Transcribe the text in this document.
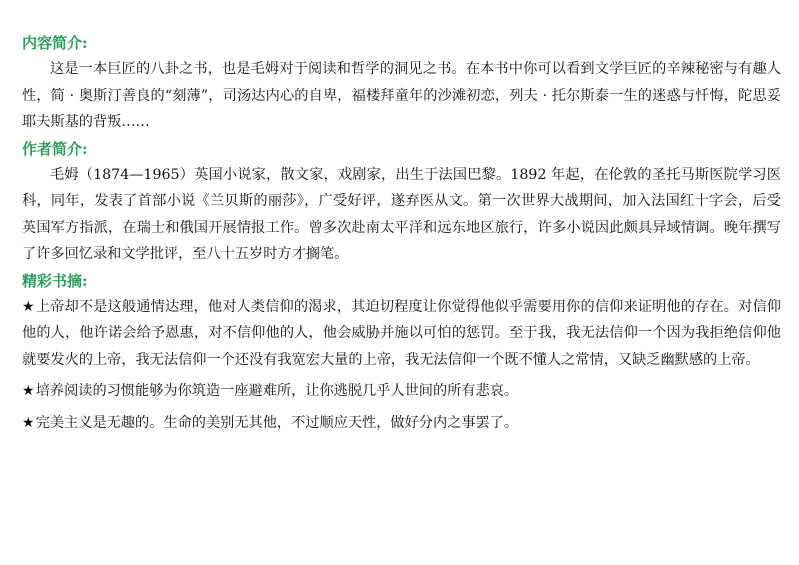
内容简介:

这是一本巨匠的八卦之书，也是毛姆对于阅读和哲学的洞见之书。在本书中你可以看到文学巨匠的辛辣秘密与有趣人性，简 · 奥斯汀善良的“刻薄”，司汤达内心的自卑，福楼拜童年的沙滩初恋，列夫 · 托尔斯泰一生的迷惑与忏悔，陀思妥耶夫斯基的背叛……

作者简介:

毛姆（1874—1965）英国小说家，散文家，戏剧家，出生于法国巴黎。1892 年起，在伦敦的圣托马斯医院学习医科，同年，发表了首部小说《兰贝斯的丽莎》，广受好评，遂弃医从文。第一次世界大战期间，加入法国红十字会，后受英国军方指派，在瑞士和俄国开展情报工作。曾多次赴南太平洋和远东地区旅行，许多小说因此颇具异域情调。晚年撰写了许多回忆录和文学批评，至八十五岁时方才搁笔。

精彩书摘:

★上帝却不是这般通情达理，他对人类信仰的渴求，其迫切程度让你觉得他似乎需要用你的信仰来证明他的存在。对信仰他的人，他许诺会给予恩惠，对不信仰他的人，他会威胁并施以可怕的惩罚。至于我，我无法信仰一个因为我拒绝信仰他就要发火的上帝，我无法信仰一个还没有我宽宏大量的上帝，我无法信仰一个既不懂人之常情，又缺乏幽默感的上帝。

★培养阅读的习惯能够为你筑造一座避难所，让你逃脱几乎人世间的所有悲哀。

★完美主义是无趣的。生命的美别无其他，不过顺应天性，做好分内之事罢了。
